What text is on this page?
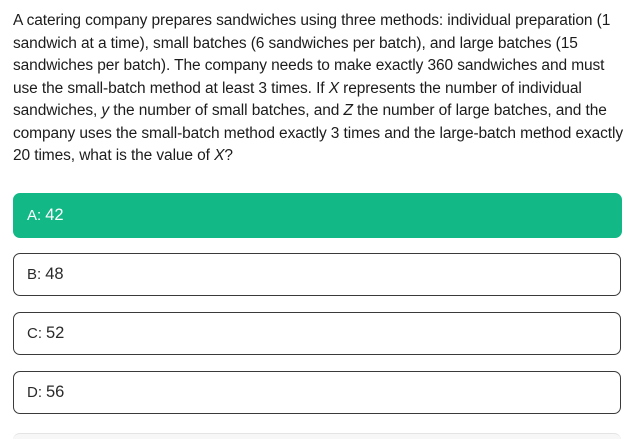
A catering company prepares sandwiches using three methods: individual preparation (1 sandwich at a time), small batches (6 sandwiches per batch), and large batches (15 sandwiches per batch). The company needs to make exactly 360 sandwiches and must use the small-batch method at least 3 times. If X represents the number of individual sandwiches, y the number of small batches, and Z the number of large batches, and the company uses the small-batch method exactly 3 times and the large-batch method exactly 20 times, what is the value of X?
A: 42
B: 48
C: 52
D: 56
